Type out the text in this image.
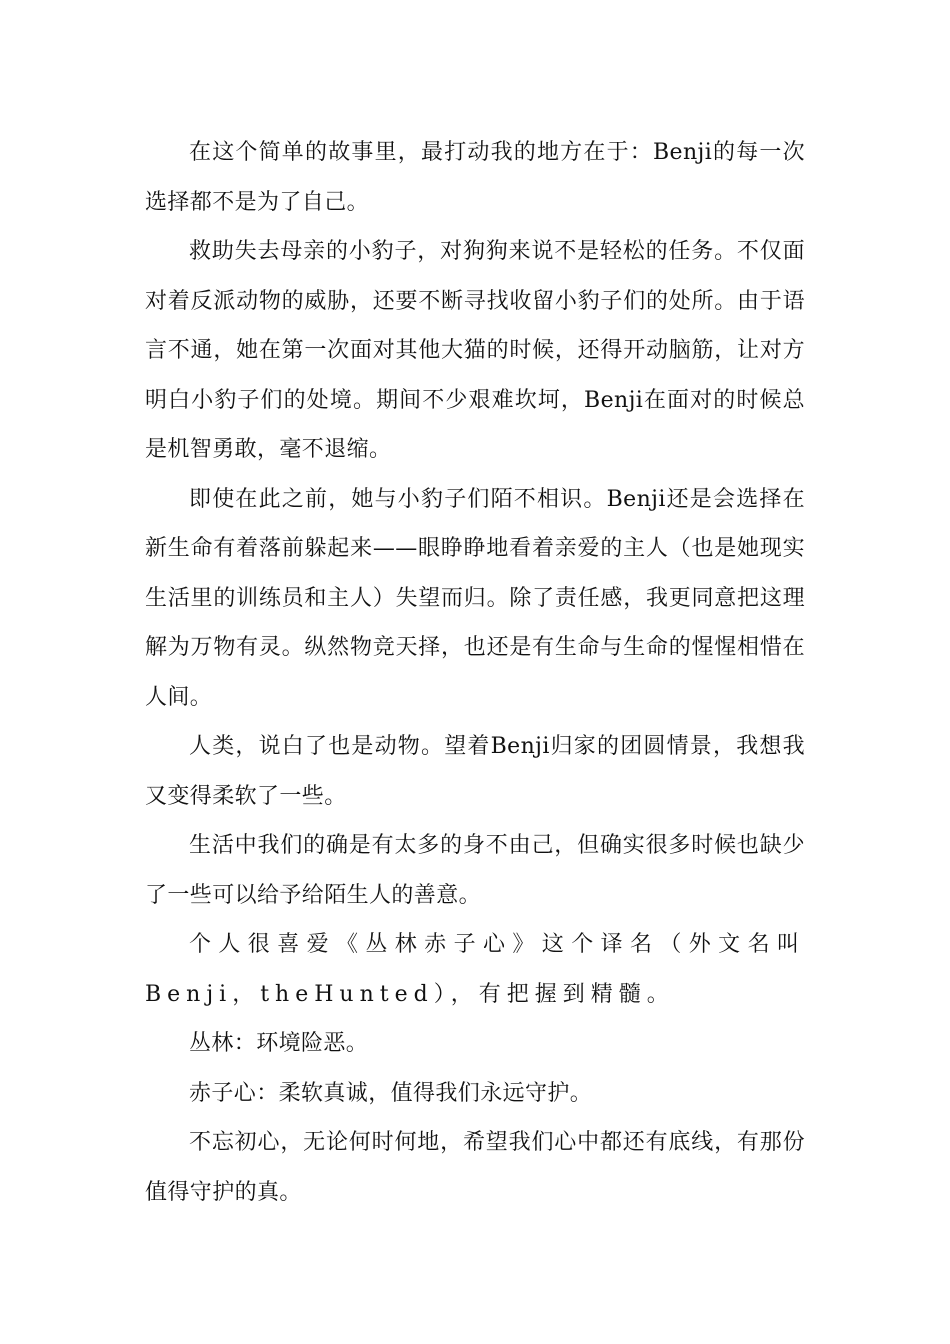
在这个简单的故事里，最打动我的地方在于：Benji的每一次选择都不是为了自己。

救助失去母亲的小豹子，对狗狗来说不是轻松的任务。不仅面对着反派动物的威胁，还要不断寻找收留小豹子们的处所。由于语言不通，她在第一次面对其他大猫的时候，还得开动脑筋，让对方明白小豹子们的处境。期间不少艰难坎坷，Benji在面对的时候总是机智勇敢，毫不退缩。

即使在此之前，她与小豹子们陌不相识。Benji还是会选择在新生命有着落前躲起来——眼睁睁地看着亲爱的主人（也是她现实生活里的训练员和主人）失望而归。除了责任感，我更同意把这理解为万物有灵。纵然物竞天择，也还是有生命与生命的惺惺相惜在人间。

人类，说白了也是动物。望着Benji归家的团圆情景，我想我又变得柔软了一些。

生活中我们的确是有太多的身不由己，但确实很多时候也缺少了一些可以给予给陌生人的善意。

个人很喜爱《丛林赤子心》这个译名（外文名叫Benji，theHunted），有把握到精髓。

丛林：环境险恶。

赤子心：柔软真诚，值得我们永远守护。

不忘初心，无论何时何地，希望我们心中都还有底线，有那份值得守护的真。
